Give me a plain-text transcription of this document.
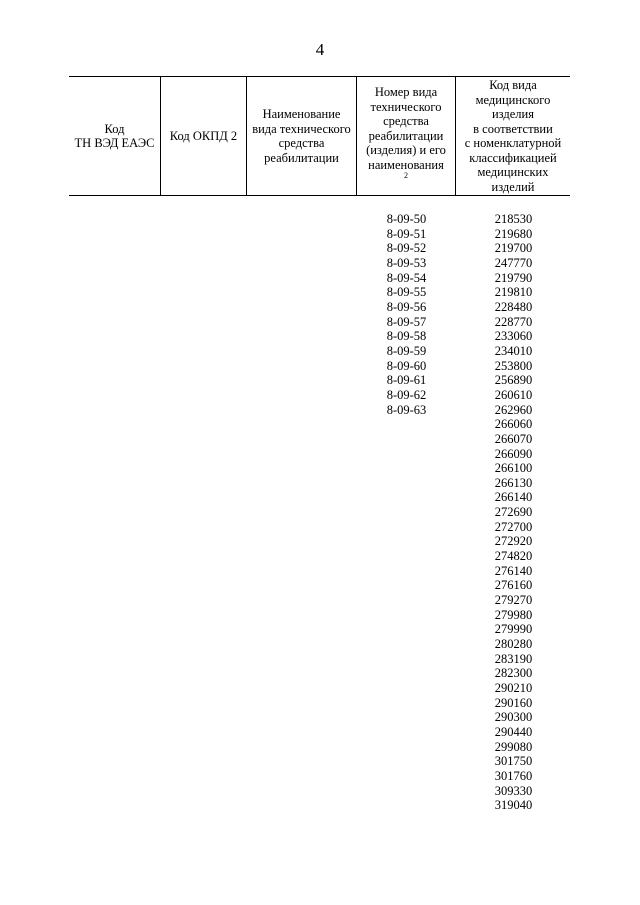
4
Код
ТН ВЭД ЕАЭС
Код ОКПД 2
Наименование
вида технического
средства
реабилитации
Номер вида
технического
средства
реабилитации
(изделия) и его
наименования
$^2$
Код вида
медицинского
изделия
в соответствии
с номенклатурной
классификацией
медицинских
изделий
8-09-50
8-09-51
8-09-52
8-09-53
8-09-54
8-09-55
8-09-56
8-09-57
8-09-58
8-09-59
8-09-60
8-09-61
8-09-62
8-09-63
218530
219680
219700
247770
219790
219810
228480
228770
233060
234010
253800
256890
260610
262960
266060
266070
266090
266100
266130
266140
272690
272700
272920
274820
276140
276160
279270
279980
279990
280280
283190
282300
290210
290160
290300
290440
299080
301750
301760
309330
319040
